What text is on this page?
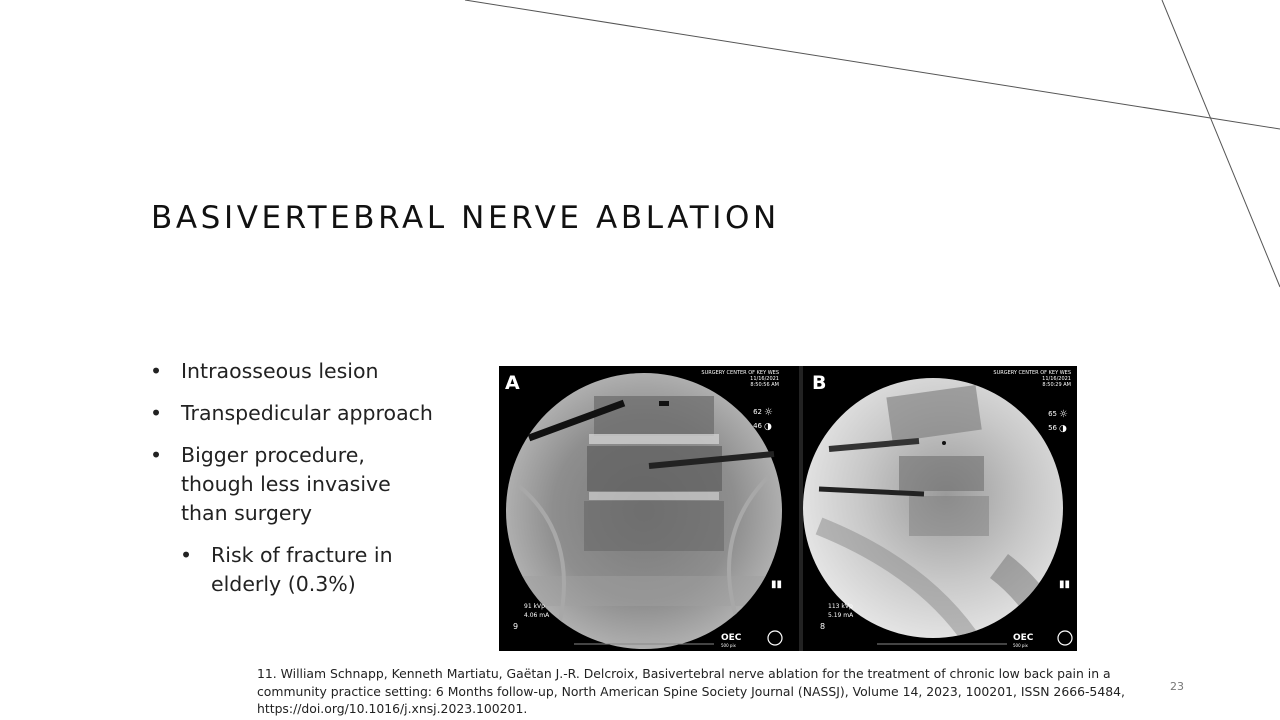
BASIVERTEBRAL NERVE ABLATION
• Intraosseous lesion
• Transpedicular approach
• Bigger procedure, though less invasive than surgery
• Risk of fracture in elderly (0.3%)
A	SURGERY CENTER OF KEY WES
11/16/2021
8:50:56 AM
62 ☼
46 ◑
▮▮
91 kVp
4.06 mA
9
OEC
500 pix
B	SURGERY CENTER OF KEY WES
11/16/2021
8:50:29 AM
65 ☼
56 ◑
▮▮
113 kVp
5.19 mA
8
OEC
500 pix
11. William Schnapp, Kenneth Martiatu, Gaëtan J.-R. Delcroix, Basivertebral nerve ablation for the treatment of chronic low back pain in a community practice setting: 6 Months follow-up, North American Spine Society Journal (NASSJ), Volume 14, 2023, 100201, ISSN 2666-5484, https://doi.org/10.1016/j.xnsj.2023.100201.
23
